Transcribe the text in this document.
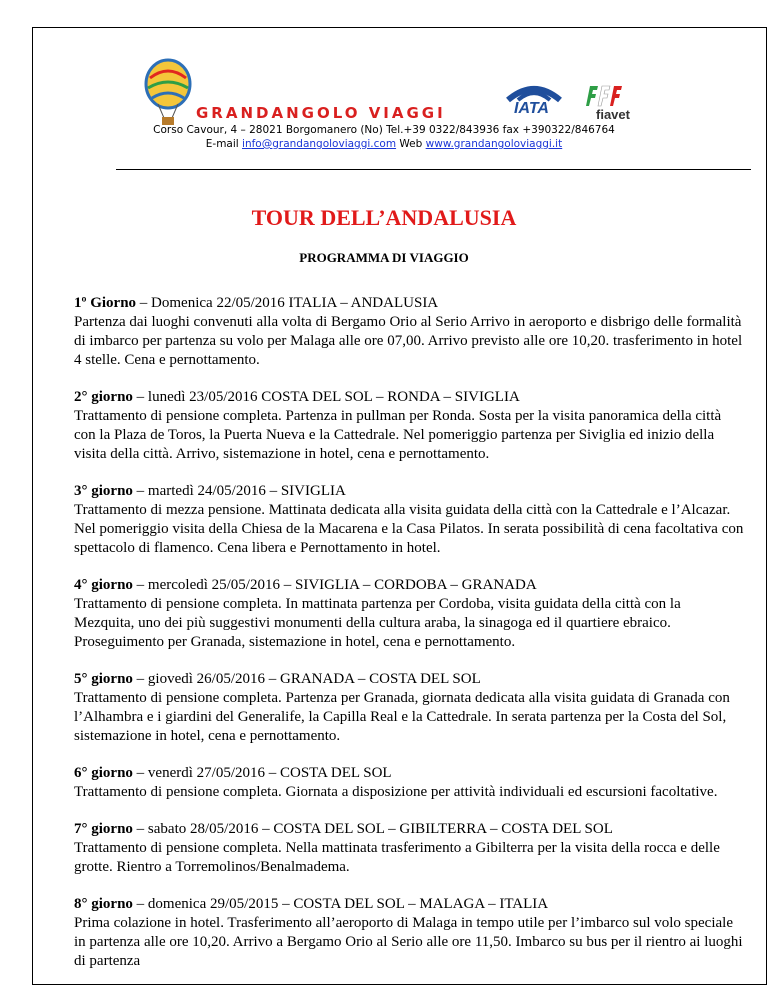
GRANDANGOLO VIAGGI	IATA	fiavet
Corso Cavour, 4 – 28021 Borgomanero (No) Tel.+39 0322/843936 fax +390322/846764
E-mail info@grandangoloviaggi.com Web www.grandangoloviaggi.it
TOUR DELL’ANDALUSIA
PROGRAMMA DI VIAGGIO

1º Giorno – Domenica 22/05/2016 ITALIA – ANDALUSIA

Partenza dai luoghi convenuti alla volta di Bergamo Orio al Serio Arrivo in aeroporto e disbrigo delle formalità di imbarco per partenza su volo per Malaga alle ore 07,00. Arrivo previsto alle ore 10,20. trasferimento in hotel 4 stelle. Cena e pernottamento.

2° giorno – lunedì 23/05/2016 COSTA DEL SOL – RONDA – SIVIGLIA

Trattamento di pensione completa. Partenza in pullman per Ronda. Sosta per la visita panoramica della città con la Plaza de Toros, la Puerta Nueva e la Cattedrale. Nel pomeriggio partenza per Siviglia ed inizio della visita della città. Arrivo, sistemazione in hotel, cena e pernottamento.

3° giorno – martedì 24/05/2016 – SIVIGLIA

Trattamento di mezza pensione. Mattinata dedicata alla visita guidata della città con la Cattedrale e l’Alcazar. Nel pomeriggio visita della Chiesa de la Macarena e la Casa Pilatos. In serata possibilità di cena facoltativa con spettacolo di flamenco. Cena libera e Pernottamento in hotel.

4° giorno – mercoledì 25/05/2016 – SIVIGLIA – CORDOBA – GRANADA

Trattamento di pensione completa. In mattinata partenza per Cordoba, visita guidata della città con la Mezquita, uno dei più suggestivi monumenti della cultura araba, la sinagoga ed il quartiere ebraico. Proseguimento per Granada, sistemazione in hotel, cena e pernottamento.

5° giorno – giovedì 26/05/2016 – GRANADA – COSTA DEL SOL

Trattamento di pensione completa. Partenza per Granada, giornata dedicata alla visita guidata di Granada con l’Alhambra e i giardini del Generalife, la Capilla Real e la Cattedrale. In serata partenza per la Costa del Sol, sistemazione in hotel, cena e pernottamento.

6° giorno – venerdì 27/05/2016 – COSTA DEL SOL

Trattamento di pensione completa. Giornata a disposizione per attività individuali ed escursioni facoltative.

7° giorno – sabato 28/05/2016 – COSTA DEL SOL – GIBILTERRA – COSTA DEL SOL

Trattamento di pensione completa. Nella mattinata trasferimento a Gibilterra per la visita della rocca e delle grotte. Rientro a Torremolinos/Benalmadema.

8° giorno – domenica 29/05/2015 – COSTA DEL SOL – MALAGA – ITALIA

Prima colazione in hotel. Trasferimento all’aeroporto di Malaga in tempo utile per l’imbarco sul volo speciale in partenza alle ore 10,20. Arrivo a Bergamo Orio al Serio alle ore 11,50. Imbarco su bus per il rientro ai luoghi di partenza
